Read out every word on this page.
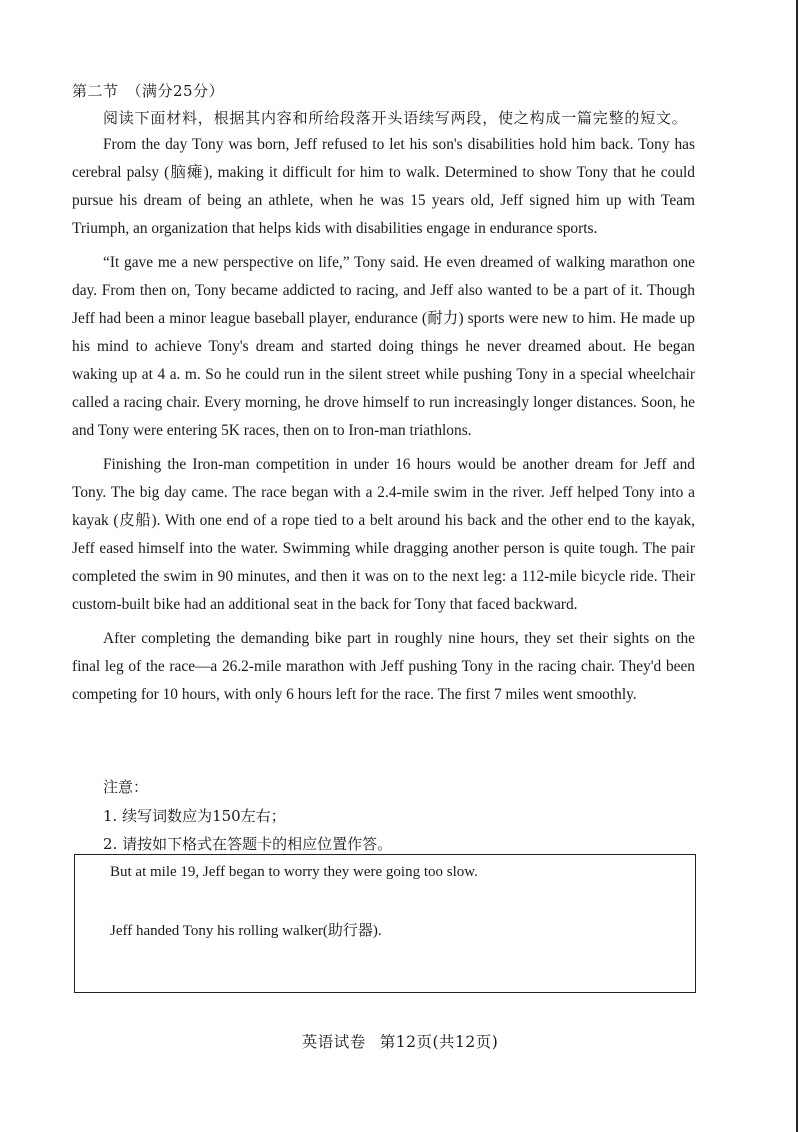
第二节 （满分25分）
阅读下面材料，根据其内容和所给段落开头语续写两段，使之构成一篇完整的短文。

From the day Tony was born, Jeff refused to let his son's disabilities hold him back. Tony has cerebral palsy (脑瘫), making it difficult for him to walk. Determined to show Tony that he could pursue his dream of being an athlete, when he was 15 years old, Jeff signed him up with Team Triumph, an organization that helps kids with disabilities engage in endurance sports.

“It gave me a new perspective on life,” Tony said. He even dreamed of walking marathon one day. From then on, Tony became addicted to racing, and Jeff also wanted to be a part of it. Though Jeff had been a minor league baseball player, endurance (耐力) sports were new to him. He made up his mind to achieve Tony's dream and started doing things he never dreamed about. He began waking up at 4 a. m. So he could run in the silent street while pushing Tony in a special wheelchair called a racing chair. Every morning, he drove himself to run increasingly longer distances. Soon, he and Tony were entering 5K races, then on to Iron-man triathlons.

Finishing the Iron-man competition in under 16 hours would be another dream for Jeff and Tony. The big day came. The race began with a 2.4-mile swim in the river. Jeff helped Tony into a kayak (皮船). With one end of a rope tied to a belt around his back and the other end to the kayak, Jeff eased himself into the water. Swimming while dragging another person is quite tough. The pair completed the swim in 90 minutes, and then it was on to the next leg: a 112-mile bicycle ride. Their custom-built bike had an additional seat in the back for Tony that faced backward.

After completing the demanding bike part in roughly nine hours, they set their sights on the final leg of the race—a 26.2-mile marathon with Jeff pushing Tony in the racing chair. They'd been competing for 10 hours, with only 6 hours left for the race. The first 7 miles went smoothly.

注意：
1. 续写词数应为150左右；
2. 请按如下格式在答题卡的相应位置作答。
But at mile 19, Jeff began to worry they were going too slow.
Jeff handed Tony his rolling walker(助行器).
英语试卷 第12页(共12页)
